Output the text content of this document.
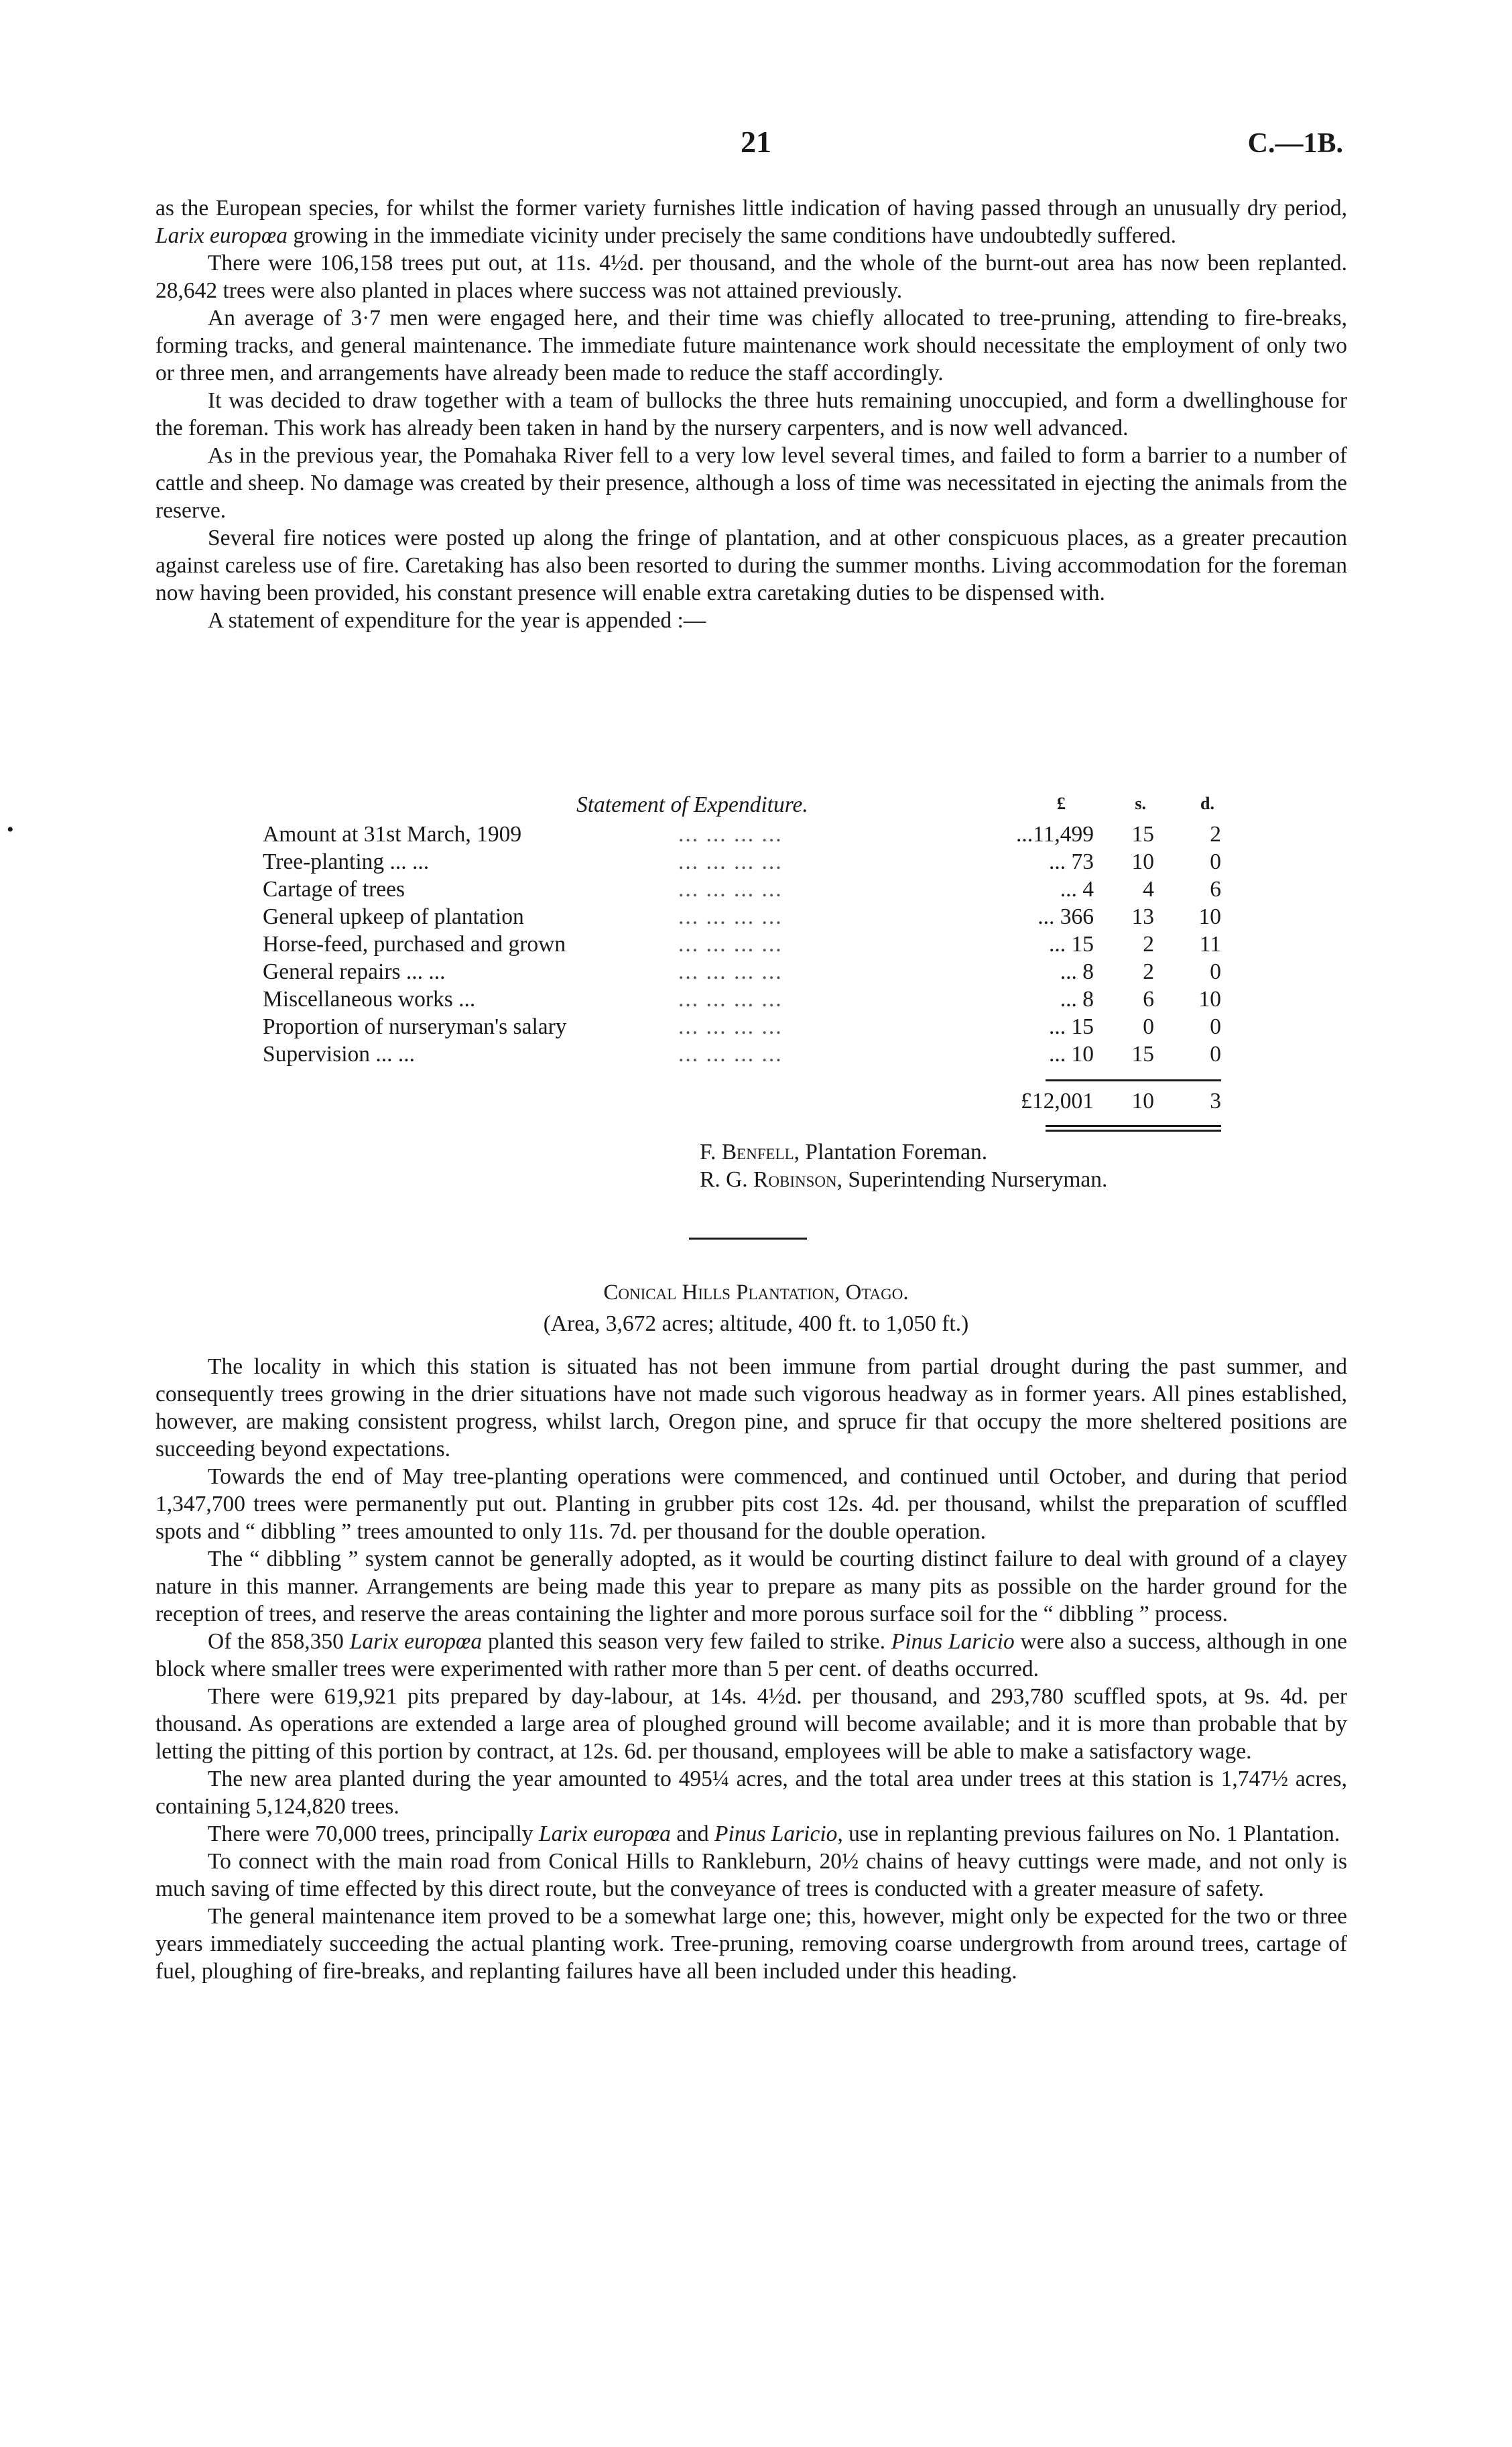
21	C.—1B.
•

as the European species, for whilst the former variety furnishes little indication of having passed through an unusually dry period, Larix europœa growing in the immediate vicinity under precisely the same conditions have undoubtedly suffered.

There were 106,158 trees put out, at 11s. 4½d. per thousand, and the whole of the burnt-out area has now been replanted. 28,642 trees were also planted in places where success was not attained previously.

An average of 3·7 men were engaged here, and their time was chiefly allocated to tree-pruning, attending to fire-breaks, forming tracks, and general maintenance. The immediate future maintenance work should necessitate the employment of only two or three men, and arrangements have already been made to reduce the staff accordingly.

It was decided to draw together with a team of bullocks the three huts remaining unoccupied, and form a dwellinghouse for the foreman. This work has already been taken in hand by the nursery carpenters, and is now well advanced.

As in the previous year, the Pomahaka River fell to a very low level several times, and failed to form a barrier to a number of cattle and sheep. No damage was created by their presence, although a loss of time was necessitated in ejecting the animals from the reserve.

Several fire notices were posted up along the fringe of plantation, and at other conspicuous places, as a greater precaution against careless use of fire. Caretaking has also been resorted to during the summer months. Living accommodation for the foreman now having been provided, his constant presence will enable extra caretaking duties to be dispensed with.

A statement of expenditure for the year is appended :—

Statement of Expenditure.	£	s.	d.
Amount at 31st March, 1909	... ... ... ...	...11,499	15	2
Tree-planting ... ...	... ... ... ...	... 73	10	0
Cartage of trees	... ... ... ...	... 4	4	6
General upkeep of plantation	... ... ... ...	... 366	13	10
Horse-feed, purchased and grown	... ... ... ...	... 15	2	11
General repairs ... ...	... ... ... ...	... 8	2	0
Miscellaneous works ...	... ... ... ...	... 8	6	10
Proportion of nurseryman's salary	... ... ... ...	... 15	0	0
Supervision ... ...	... ... ... ...	... 10	15	0
£12,001	10	3
F. Benfell, Plantation Foreman.
R. G. Robinson, Superintending Nurseryman.
Conical Hills Plantation, Otago.
(Area, 3,672 acres; altitude, 400 ft. to 1,050 ft.)

The locality in which this station is situated has not been immune from partial drought during the past summer, and consequently trees growing in the drier situations have not made such vigorous headway as in former years. All pines established, however, are making consistent progress, whilst larch, Oregon pine, and spruce fir that occupy the more sheltered positions are succeeding beyond expectations.

Towards the end of May tree-planting operations were commenced, and continued until October, and during that period 1,347,700 trees were permanently put out. Planting in grubber pits cost 12s. 4d. per thousand, whilst the preparation of scuffled spots and “ dibbling ” trees amounted to only 11s. 7d. per thousand for the double operation.

The “ dibbling ” system cannot be generally adopted, as it would be courting distinct failure to deal with ground of a clayey nature in this manner. Arrangements are being made this year to prepare as many pits as possible on the harder ground for the reception of trees, and reserve the areas containing the lighter and more porous surface soil for the “ dibbling ” process.

Of the 858,350 Larix europœa planted this season very few failed to strike. Pinus Laricio were also a success, although in one block where smaller trees were experimented with rather more than 5 per cent. of deaths occurred.

There were 619,921 pits prepared by day-labour, at 14s. 4½d. per thousand, and 293,780 scuffled spots, at 9s. 4d. per thousand. As operations are extended a large area of ploughed ground will become available; and it is more than probable that by letting the pitting of this portion by contract, at 12s. 6d. per thousand, employees will be able to make a satisfactory wage.

The new area planted during the year amounted to 495¼ acres, and the total area under trees at this station is 1,747½ acres, containing 5,124,820 trees.

There were 70,000 trees, principally Larix europœa and Pinus Laricio, use in replanting previous failures on No. 1 Plantation.

To connect with the main road from Conical Hills to Rankleburn, 20½ chains of heavy cuttings were made, and not only is much saving of time effected by this direct route, but the conveyance of trees is conducted with a greater measure of safety.

The general maintenance item proved to be a somewhat large one; this, however, might only be expected for the two or three years immediately succeeding the actual planting work. Tree-pruning, removing coarse undergrowth from around trees, cartage of fuel, ploughing of fire-breaks, and replanting failures have all been included under this heading.
